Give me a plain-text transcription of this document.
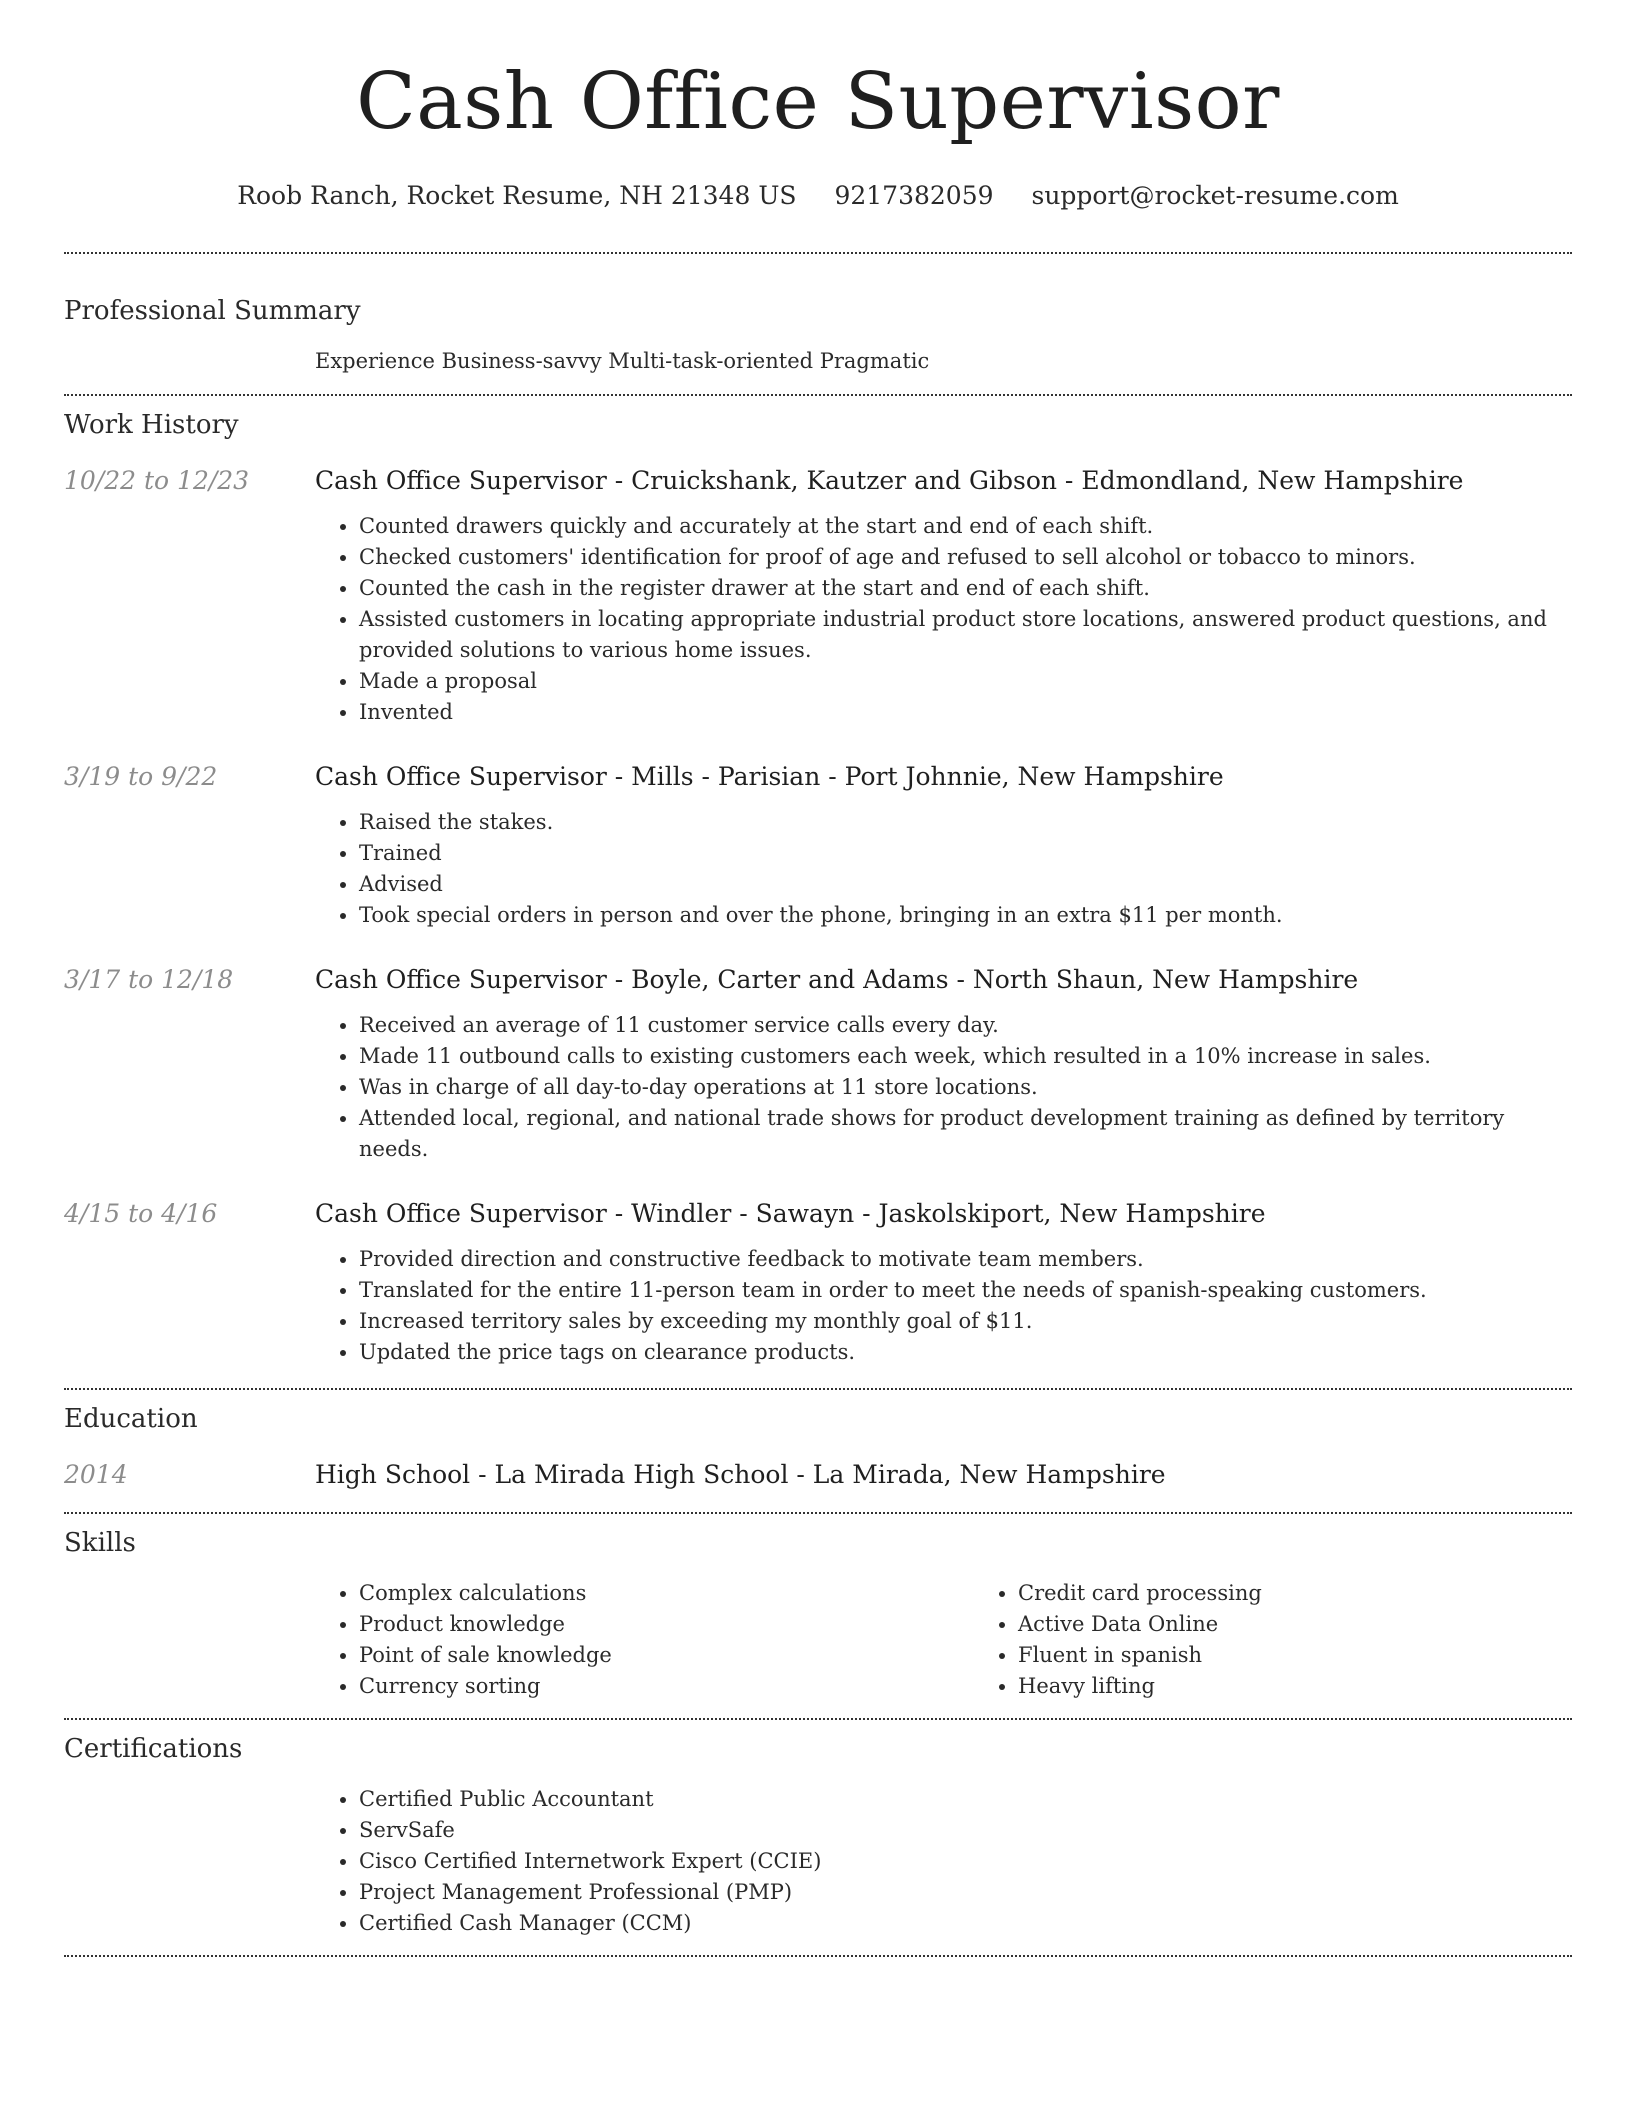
Cash Office Supervisor
Roob Ranch, Rocket Resume, NH 21348 US 9217382059 support@rocket-resume.com
Professional Summary
Experience Business-savvy Multi-task-oriented Pragmatic
Work History
10/22 to 12/23	Cash Office Supervisor - Cruickshank, Kautzer and Gibson - Edmondland, New Hampshire
• Counted drawers quickly and accurately at the start and end of each shift.
• Checked customers' identification for proof of age and refused to sell alcohol or tobacco to minors.
• Counted the cash in the register drawer at the start and end of each shift.
• Assisted customers in locating appropriate industrial product store locations, answered product questions, and provided solutions to various home issues.
• Made a proposal
• Invented
3/19 to 9/22	Cash Office Supervisor - Mills - Parisian - Port Johnnie, New Hampshire
• Raised the stakes.
• Trained
• Advised
• Took special orders in person and over the phone, bringing in an extra $11 per month.
3/17 to 12/18	Cash Office Supervisor - Boyle, Carter and Adams - North Shaun, New Hampshire
• Received an average of 11 customer service calls every day.
• Made 11 outbound calls to existing customers each week, which resulted in a 10% increase in sales.
• Was in charge of all day-to-day operations at 11 store locations.
• Attended local, regional, and national trade shows for product development training as defined by territory needs.
4/15 to 4/16	Cash Office Supervisor - Windler - Sawayn - Jaskolskiport, New Hampshire
• Provided direction and constructive feedback to motivate team members.
• Translated for the entire 11-person team in order to meet the needs of spanish-speaking customers.
• Increased territory sales by exceeding my monthly goal of $11.
• Updated the price tags on clearance products.
Education
2014	High School - La Mirada High School - La Mirada, New Hampshire
Skills
• Complex calculations
• Product knowledge
• Point of sale knowledge
• Currency sorting
• Credit card processing
• Active Data Online
• Fluent in spanish
• Heavy lifting
Certifications
• Certified Public Accountant
• ServSafe
• Cisco Certified Internetwork Expert (CCIE)
• Project Management Professional (PMP)
• Certified Cash Manager (CCM)
